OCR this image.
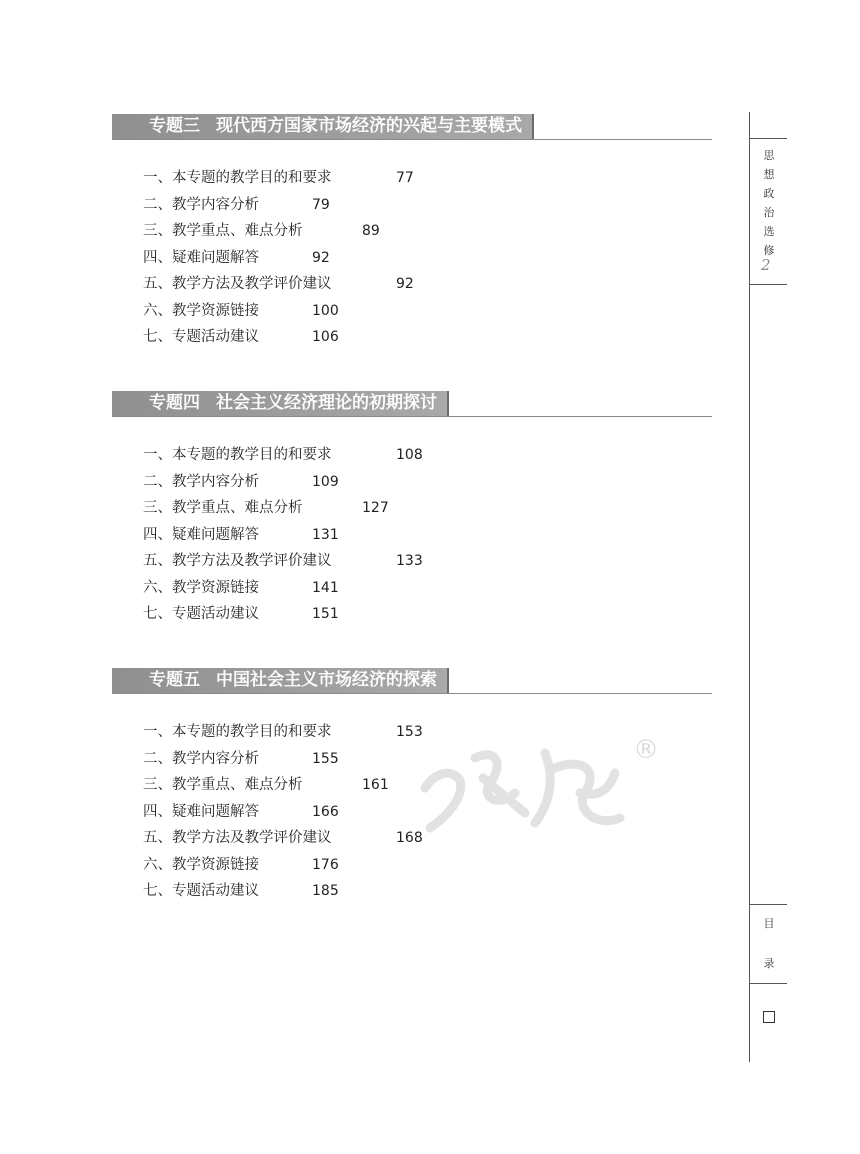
专题三 现代西方国家市场经济的兴起与主要模式
一、本专题的教学目的和要求	77
二、教学内容分析	79
三、教学重点、难点分析	89
四、疑难问题解答	92
五、教学方法及教学评价建议	92
六、教学资源链接	100
七、专题活动建议	106
专题四 社会主义经济理论的初期探讨
一、本专题的教学目的和要求	108
二、教学内容分析	109
三、教学重点、难点分析	127
四、疑难问题解答	131
五、教学方法及教学评价建议	133
六、教学资源链接	141
七、专题活动建议	151
专题五 中国社会主义市场经济的探索
一、本专题的教学目的和要求	153
二、教学内容分析	155
三、教学重点、难点分析	161
四、疑难问题解答	166
五、教学方法及教学评价建议	168
六、教学资源链接	176
七、专题活动建议	185
®
思
想
政
治
选
修
2
目
录
